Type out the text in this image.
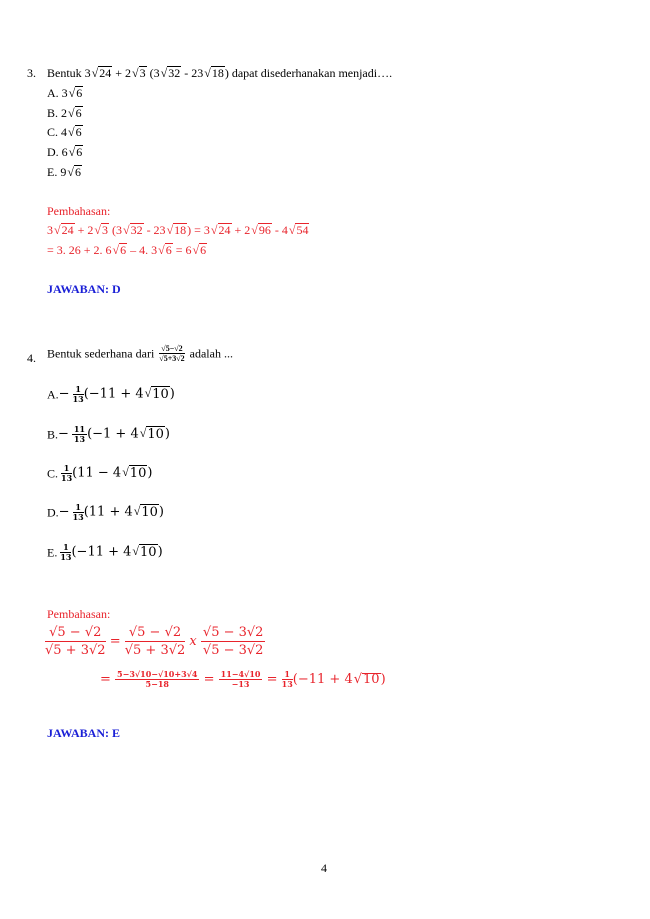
3. Bentuk 3√24 + 2√3 (3√32 - 23√18) dapat disederhanakan menjadi….
A. 3√6
B. 2√6
C. 4√6
D. 6√6
E. 9√6
Pembahasan:
3√24 + 2√3 (3√32 - 23√18) = 3√24 + 2√96 - 4√54
= 3. 26 + 2. 6√6 – 4. 3√6 = 6√6
JAWABAN: D
4. Bentuk sederhana dari $\frac{√5-√2}{√5+3√2}$ adalah ...
$A.- \frac{1}{13} (-11 + 4√10)$
$B.- \frac{11}{13} (-1 + 4√10)$
C. $\frac{1}{13} (11 - 4√10)$
$D.- \frac{1}{13} (11 + 4√10)$
E. $\frac{1}{13} (-11 + 4√10)$
Pembahasan:
$\frac{√5 - √2}{√5 + 3√2} = \frac{√5 - √2}{√5 + 3√2}$ x $\frac{√5 - 3√2}{√5 - 3√2}$
= $\frac{5-3√10-√10+3√4}{5-18} = \frac{11-4√10}{-13} = \frac{1}{13} (-11 + 4√10)$
JAWABAN: E
4
